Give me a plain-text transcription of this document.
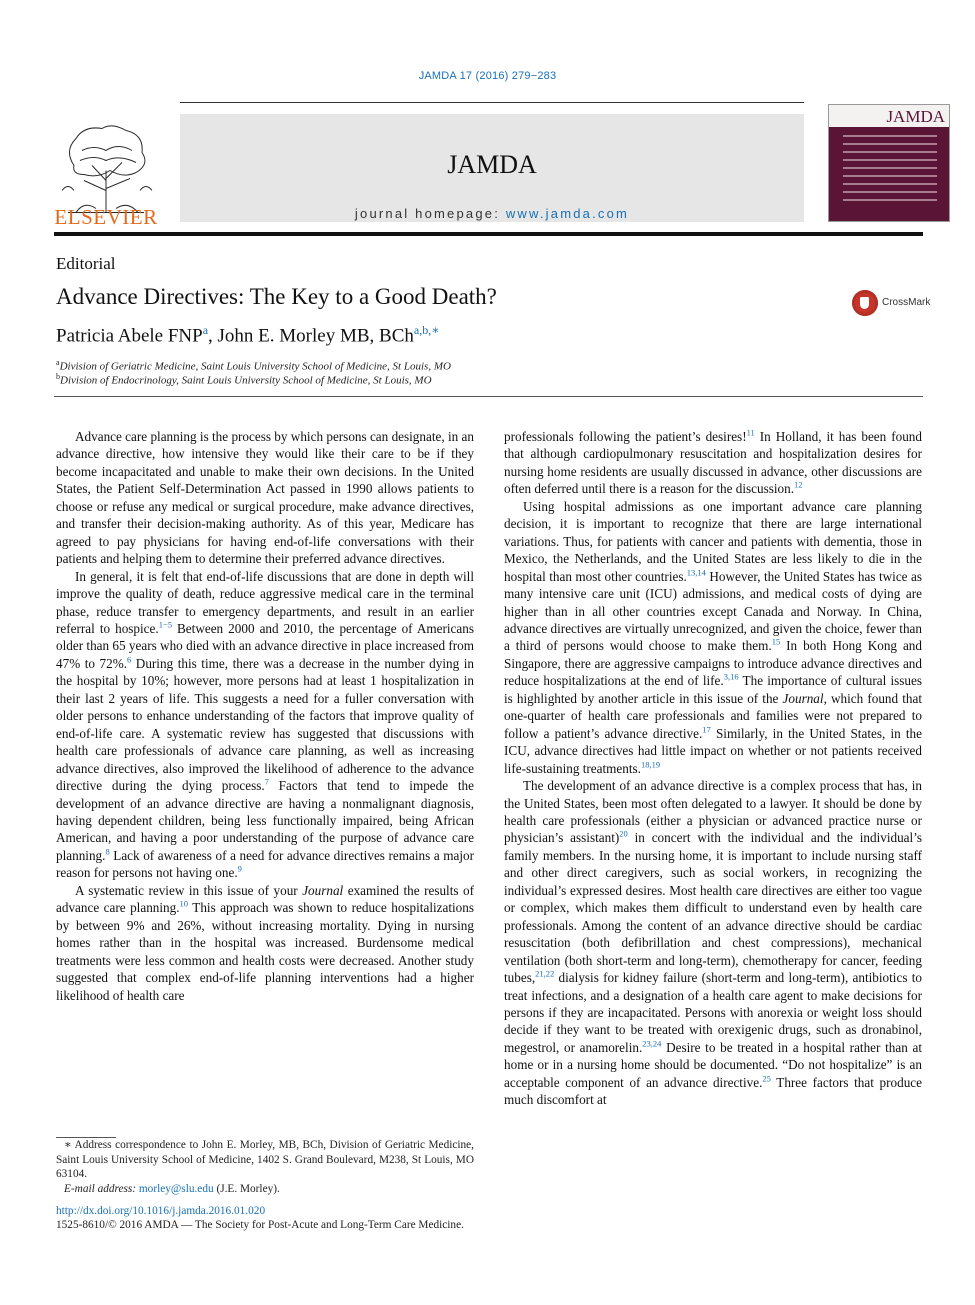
JAMDA 17 (2016) 279−283
ELSEVIER
JAMDA
journal homepage: www.jamda.com
JAMDA
Editorial
Advance Directives: The Key to a Good Death?	CrossMark
Patricia Abele FNP$^a$, John E. Morley MB, BCh$^{a,b,∗}$
$^a$Division of Geriatric Medicine, Saint Louis University School of Medicine, St Louis, MO
$^b$Division of Endocrinology, Saint Louis University School of Medicine, St Louis, MO

Advance care planning is the process by which persons can designate, in an advance directive, how intensive they would like their care to be if they become incapacitated and unable to make their own decisions. In the United States, the Patient Self-Determination Act passed in 1990 allows patients to choose or refuse any medical or surgical procedure, make advance directives, and transfer their decision-making authority. As of this year, Medicare has agreed to pay physicians for having end-of-life conversations with their patients and helping them to determine their preferred advance directives.

In general, it is felt that end-of-life discussions that are done in depth will improve the quality of death, reduce aggressive medical care in the terminal phase, reduce transfer to emergency departments, and result in an earlier referral to hospice.$^{1-5}$ Between 2000 and 2010, the percentage of Americans older than 65 years who died with an advance directive in place increased from 47% to 72%.$^6$ During this time, there was a decrease in the number dying in the hospital by 10%; however, more persons had at least 1 hospitalization in their last 2 years of life. This suggests a need for a fuller conversation with older persons to enhance understanding of the factors that improve quality of end-of-life care. A systematic review has suggested that discussions with health care professionals of advance care planning, as well as increasing advance directives, also improved the likelihood of adherence to the advance directive during the dying process.$^7$ Factors that tend to impede the development of an advance directive are having a nonmalignant diagnosis, having dependent children, being less functionally impaired, being African American, and having a poor understanding of the purpose of advance care planning.$^8$ Lack of awareness of a need for advance directives remains a major reason for persons not having one.$^9$

A systematic review in this issue of your Journal examined the results of advance care planning.$^{10}$ This approach was shown to reduce hospitalizations by between 9% and 26%, without increasing mortality. Dying in nursing homes rather than in the hospital was increased. Burdensome medical treatments were less common and health costs were decreased. Another study suggested that complex end-of-life planning interventions had a higher likelihood of health care

professionals following the patient’s desires!$^{11}$ In Holland, it has been found that although cardiopulmonary resuscitation and hospitalization desires for nursing home residents are usually discussed in advance, other discussions are often deferred until there is a reason for the discussion.$^{12}$

Using hospital admissions as one important advance care planning decision, it is important to recognize that there are large international variations. Thus, for patients with cancer and patients with dementia, those in Mexico, the Netherlands, and the United States are less likely to die in the hospital than most other countries.$^{13,14}$ However, the United States has twice as many intensive care unit (ICU) admissions, and medical costs of dying are higher than in all other countries except Canada and Norway. In China, advance directives are virtually unrecognized, and given the choice, fewer than a third of persons would choose to make them.$^{15}$ In both Hong Kong and Singapore, there are aggressive campaigns to introduce advance directives and reduce hospitalizations at the end of life.$^{3,16}$ The importance of cultural issues is highlighted by another article in this issue of the Journal, which found that one-quarter of health care professionals and families were not prepared to follow a patient’s advance directive.$^{17}$ Similarly, in the United States, in the ICU, advance directives had little impact on whether or not patients received life-sustaining treatments.$^{18,19}$

The development of an advance directive is a complex process that has, in the United States, been most often delegated to a lawyer. It should be done by health care professionals (either a physician or advanced practice nurse or physician’s assistant)$^{20}$ in concert with the individual and the individual’s family members. In the nursing home, it is important to include nursing staff and other direct caregivers, such as social workers, in recognizing the individual’s expressed desires. Most health care directives are either too vague or complex, which makes them difficult to understand even by health care professionals. Among the content of an advance directive should be cardiac resuscitation (both defibrillation and chest compressions), mechanical ventilation (both short-term and long-term), chemotherapy for cancer, feeding tubes,$^{21,22}$ dialysis for kidney failure (short-term and long-term), antibiotics to treat infections, and a designation of a health care agent to make decisions for persons if they are incapacitated. Persons with anorexia or weight loss should decide if they want to be treated with orexigenic drugs, such as dronabinol, megestrol, or anamorelin.$^{23,24}$ Desire to be treated in a hospital rather than at home or in a nursing home should be documented. “Do not hospitalize” is an acceptable component of an advance directive.$^{25}$ Three factors that produce much discomfort at

∗ Address correspondence to John E. Morley, MB, BCh, Division of Geriatric Medicine, Saint Louis University School of Medicine, 1402 S. Grand Boulevard, M238, St Louis, MO 63104.

E-mail address: morley@slu.edu (J.E. Morley).

http://dx.doi.org/10.1016/j.jamda.2016.01.020
1525-8610/© 2016 AMDA — The Society for Post-Acute and Long-Term Care Medicine.
